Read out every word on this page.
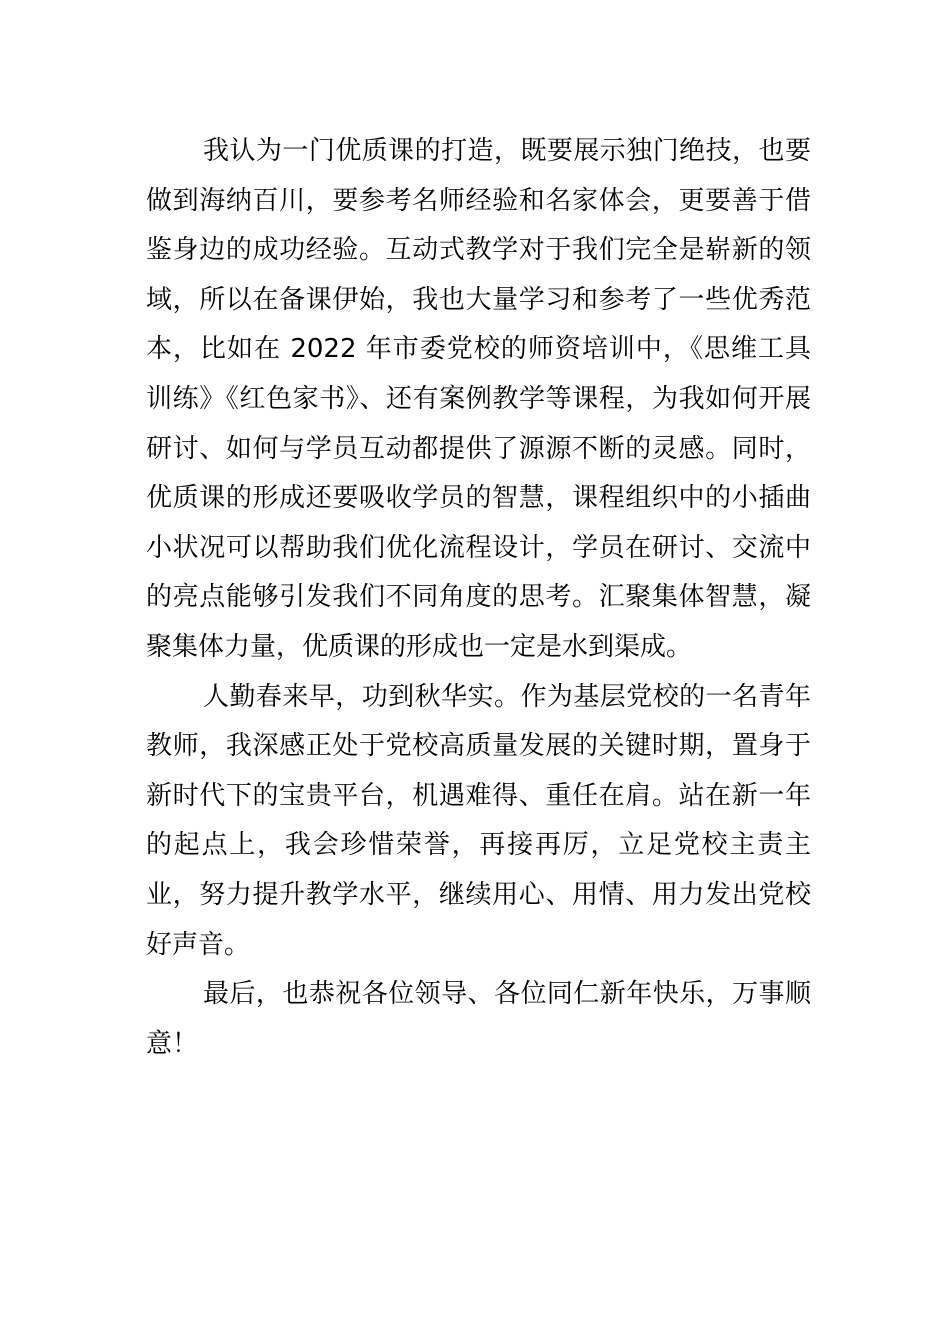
我认为一门优质课的打造，既要展示独门绝技，也要做到海纳百川，要参考名师经验和名家体会，更要善于借鉴身边的成功经验。互动式教学对于我们完全是崭新的领域，所以在备课伊始，我也大量学习和参考了一些优秀范本，比如在 2022 年市委党校的师资培训中，《思维工具训练》《红色家书》、还有案例教学等课程，为我如何开展研讨、如何与学员互动都提供了源源不断的灵感。同时，优质课的形成还要吸收学员的智慧，课程组织中的小插曲小状况可以帮助我们优化流程设计，学员在研讨、交流中的亮点能够引发我们不同角度的思考。汇聚集体智慧，凝聚集体力量，优质课的形成也一定是水到渠成。

人勤春来早，功到秋华实。作为基层党校的一名青年教师，我深感正处于党校高质量发展的关键时期，置身于新时代下的宝贵平台，机遇难得、重任在肩。站在新一年的起点上，我会珍惜荣誉，再接再厉，立足党校主责主业，努力提升教学水平，继续用心、用情、用力发出党校好声音。

最后，也恭祝各位领导、各位同仁新年快乐，万事顺意！
